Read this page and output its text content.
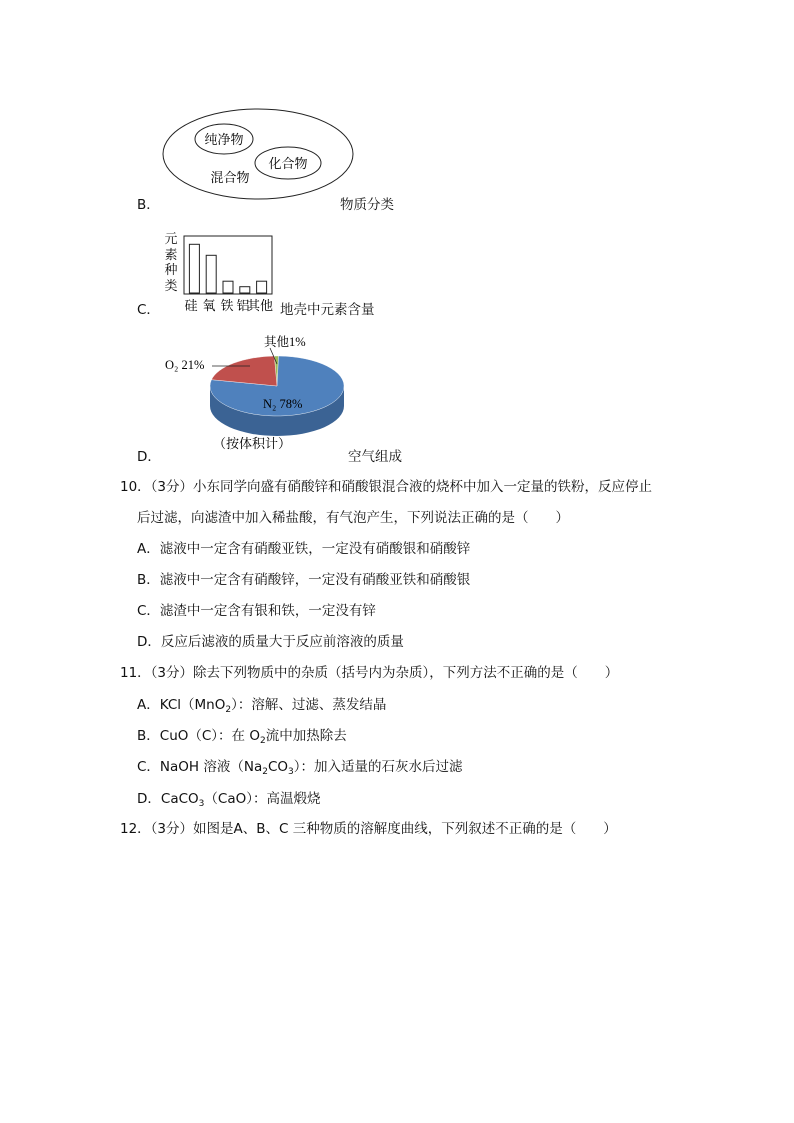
纯净物
化合物
混合物
B．	物质分类
元
素
种
类
硅 氧 铁 铝
其他
C．	地壳中元素含量
其他1%
O₂ 21%
N₂ 78%
（按体积计）
D．	空气组成
10．（3分）小东同学向盛有硝酸锌和硝酸银混合液的烧杯中加入一定量的铁粉，反应停止
后过滤，向滤渣中加入稀盐酸，有气泡产生，下列说法正确的是（　　）
A．滤液中一定含有硝酸亚铁，一定没有硝酸银和硝酸锌
B．滤液中一定含有硝酸锌，一定没有硝酸亚铁和硝酸银
C．滤渣中一定含有银和铁，一定没有锌
D．反应后滤液的质量大于反应前溶液的质量
11．（3分）除去下列物质中的杂质（括号内为杂质），下列方法不正确的是（　　）
A．KCl（MnO$_2$）：溶解、过滤、蒸发结晶
B．CuO（C）：在 $O_2$流中加热除去
C．NaOH 溶液$(Na_2CO_3)$：加入适量的石灰水后过滤
D．CaCO$_3$（CaO）：高温煅烧
12．（3分）如图是A、B、C 三种物质的溶解度曲线，下列叙述不正确的是（　　）
